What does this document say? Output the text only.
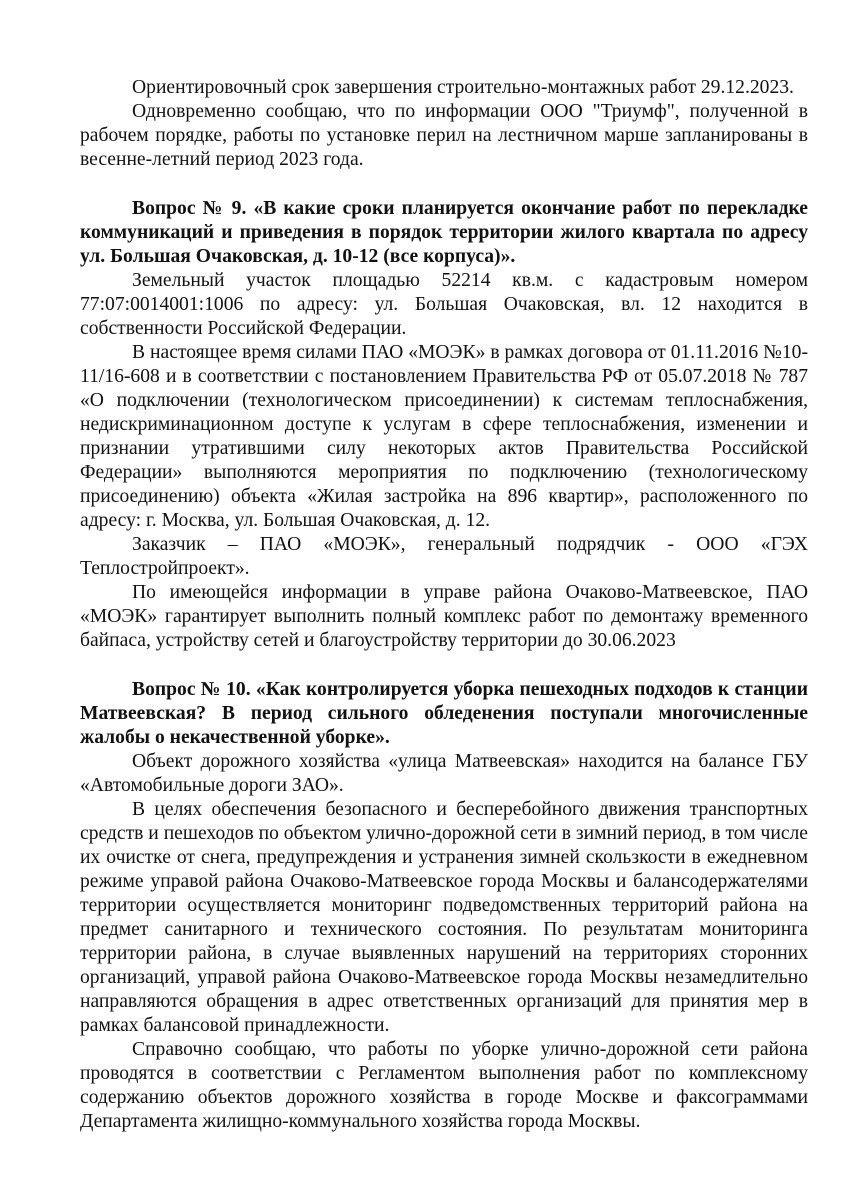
Ориентировочный срок завершения строительно-монтажных работ 29.12.2023.

Одновременно сообщаю, что по информации ООО "Триумф", полученной в рабочем порядке, работы по установке перил на лестничном марше запланированы в весенне-летний период 2023 года.

Вопрос № 9. «В какие сроки планируется окончание работ по перекладке коммуникаций и приведения в порядок территории жилого квартала по адресу ул. Большая Очаковская, д. 10-12 (все корпуса)».

Земельный участок площадью 52214 кв.м. с кадастровым номером 77:07:0014001:1006 по адресу: ул. Большая Очаковская, вл. 12 находится в собственности Российской Федерации.

В настоящее время силами ПАО «МОЭК» в рамках договора от 01.11.2016 №10-11/16-608 и в соответствии с постановлением Правительства РФ от 05.07.2018 № 787 «О подключении (технологическом присоединении) к системам теплоснабжения, недискриминационном доступе к услугам в сфере теплоснабжения, изменении и признании утратившими силу некоторых актов Правительства Российской Федерации» выполняются мероприятия по подключению (технологическому присоединению) объекта «Жилая застройка на 896 квартир», расположенного по адресу: г. Москва, ул. Большая Очаковская, д. 12.

Заказчик – ПАО «МОЭК», генеральный подрядчик - ООО «ГЭХ Теплостройпроект».

По имеющейся информации в управе района Очаково-Матвеевское, ПАО «МОЭК» гарантирует выполнить полный комплекс работ по демонтажу временного байпаса, устройству сетей и благоустройству территории до 30.06.2023

Вопрос № 10. «Как контролируется уборка пешеходных подходов к станции Матвеевская? В период сильного обледенения поступали многочисленные жалобы о некачественной уборке».

Объект дорожного хозяйства «улица Матвеевская» находится на балансе ГБУ «Автомобильные дороги ЗАО».

В целях обеспечения безопасного и бесперебойного движения транспортных средств и пешеходов по объектом улично-дорожной сети в зимний период, в том числе их очистке от снега, предупреждения и устранения зимней скользкости в ежедневном режиме управой района Очаково-Матвеевское города Москвы и балансодержателями территории осуществляется мониторинг подведомственных территорий района на предмет санитарного и технического состояния. По результатам мониторинга территории района, в случае выявленных нарушений на территориях сторонних организаций, управой района Очаково-Матвеевское города Москвы незамедлительно направляются обращения в адрес ответственных организаций для принятия мер в рамках балансовой принадлежности.

Справочно сообщаю, что работы по уборке улично-дорожной сети района проводятся в соответствии с Регламентом выполнения работ по комплексному содержанию объектов дорожного хозяйства в городе Москве и факсограммами Департамента жилищно-коммунального хозяйства города Москвы.
